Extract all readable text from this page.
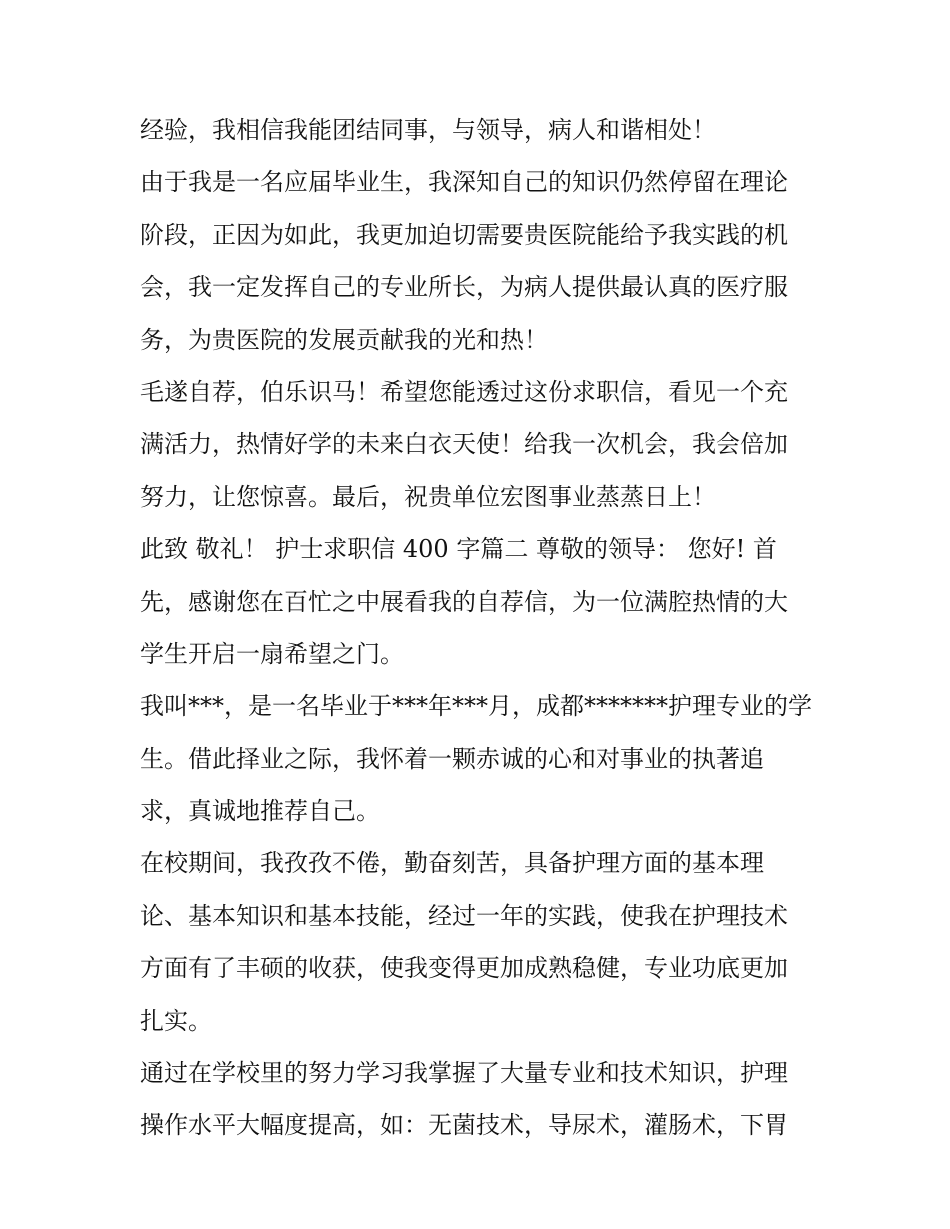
经验，我相信我能团结同事，与领导，病人和谐相处！
由于我是一名应届毕业生，我深知自己的知识仍然停留在理论
阶段，正因为如此，我更加迫切需要贵医院能给予我实践的机
会，我一定发挥自己的专业所长，为病人提供最认真的医疗服
务，为贵医院的发展贡献我的光和热！
毛遂自荐，伯乐识马！希望您能透过这份求职信，看见一个充
满活力，热情好学的未来白衣天使！给我一次机会，我会倍加
努力，让您惊喜。最后，祝贵单位宏图事业蒸蒸日上！
此致 敬礼！ 护士求职信 400 字篇二 尊敬的领导： 您好! 首
先，感谢您在百忙之中展看我的自荐信，为一位满腔热情的大
学生开启一扇希望之门。
我叫***，是一名毕业于***年***月，成都*******护理专业的学
生。借此择业之际，我怀着一颗赤诚的心和对事业的执著追
求，真诚地推荐自己。
在校期间，我孜孜不倦，勤奋刻苦，具备护理方面的基本理
论、基本知识和基本技能，经过一年的实践，使我在护理技术
方面有了丰硕的收获，使我变得更加成熟稳健，专业功底更加
扎实。
通过在学校里的努力学习我掌握了大量专业和技术知识，护理
操作水平大幅度提高，如：无菌技术，导尿术，灌肠术，下胃
